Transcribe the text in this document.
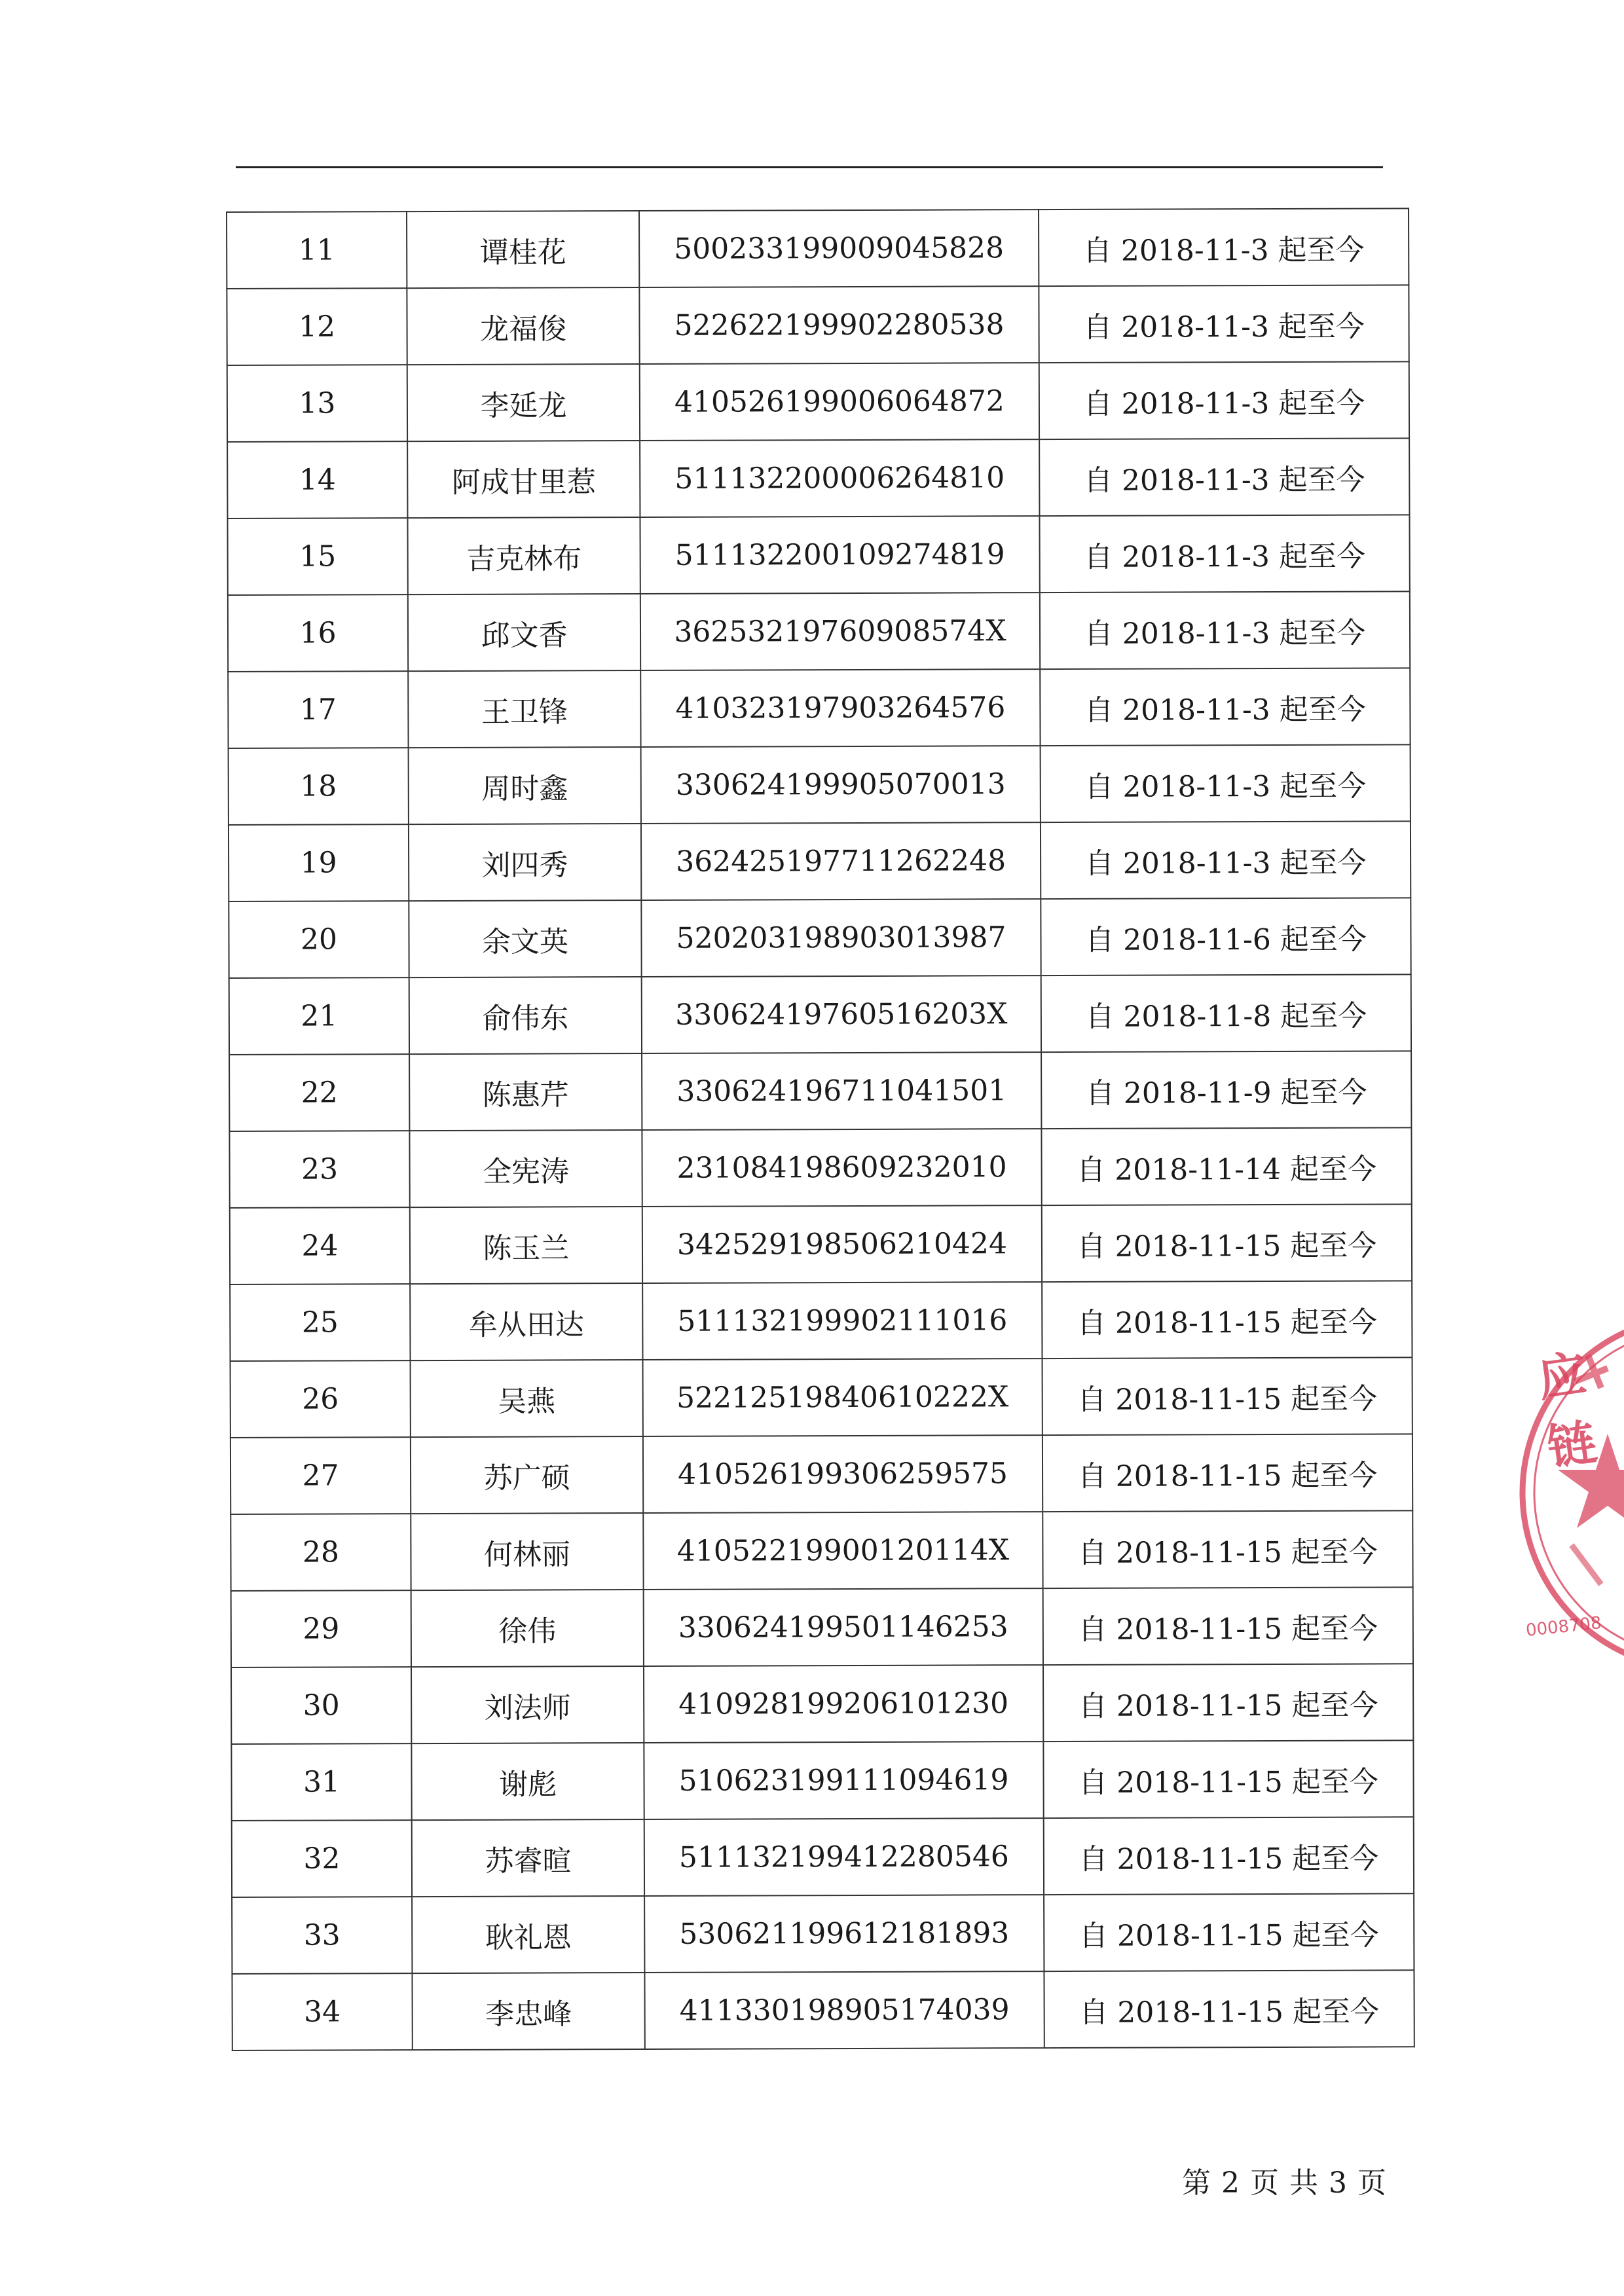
11	谭桂花	500233199009045828	自 2018-11-3 起至今
12	龙福俊	522622199902280538	自 2018-11-3 起至今
13	李延龙	410526199006064872	自 2018-11-3 起至今
14	阿成甘里惹	511132200006264810	自 2018-11-3 起至今
15	吉克林布	511132200109274819	自 2018-11-3 起至今
16	邱文香	36253219760908574X	自 2018-11-3 起至今
17	王卫锋	410323197903264576	自 2018-11-3 起至今
18	周时鑫	330624199905070013	自 2018-11-3 起至今
19	刘四秀	362425197711262248	自 2018-11-3 起至今
20	余文英	520203198903013987	自 2018-11-6 起至今
21	俞伟东	33062419760516203X	自 2018-11-8 起至今
22	陈惠芹	330624196711041501	自 2018-11-9 起至今
23	全宪涛	231084198609232010	自 2018-11-14 起至今
24	陈玉兰	342529198506210424	自 2018-11-15 起至今
25	牟从田达	511132199902111016	自 2018-11-15 起至今
26	吴燕	52212519840610222X	自 2018-11-15 起至今
27	苏广硕	410526199306259575	自 2018-11-15 起至今
28	何林丽	41052219900120114X	自 2018-11-15 起至今
29	徐伟	330624199501146253	自 2018-11-15 起至今
30	刘法师	410928199206101230	自 2018-11-15 起至今
31	谢彪	510623199111094619	自 2018-11-15 起至今
32	苏睿暄	511132199412280546	自 2018-11-15 起至今
33	耿礼恩	530621199612181893	自 2018-11-15 起至今
34	李忠峰	411330198905174039	自 2018-11-15 起至今
第 2 页 共 3 页
应链
0008708
